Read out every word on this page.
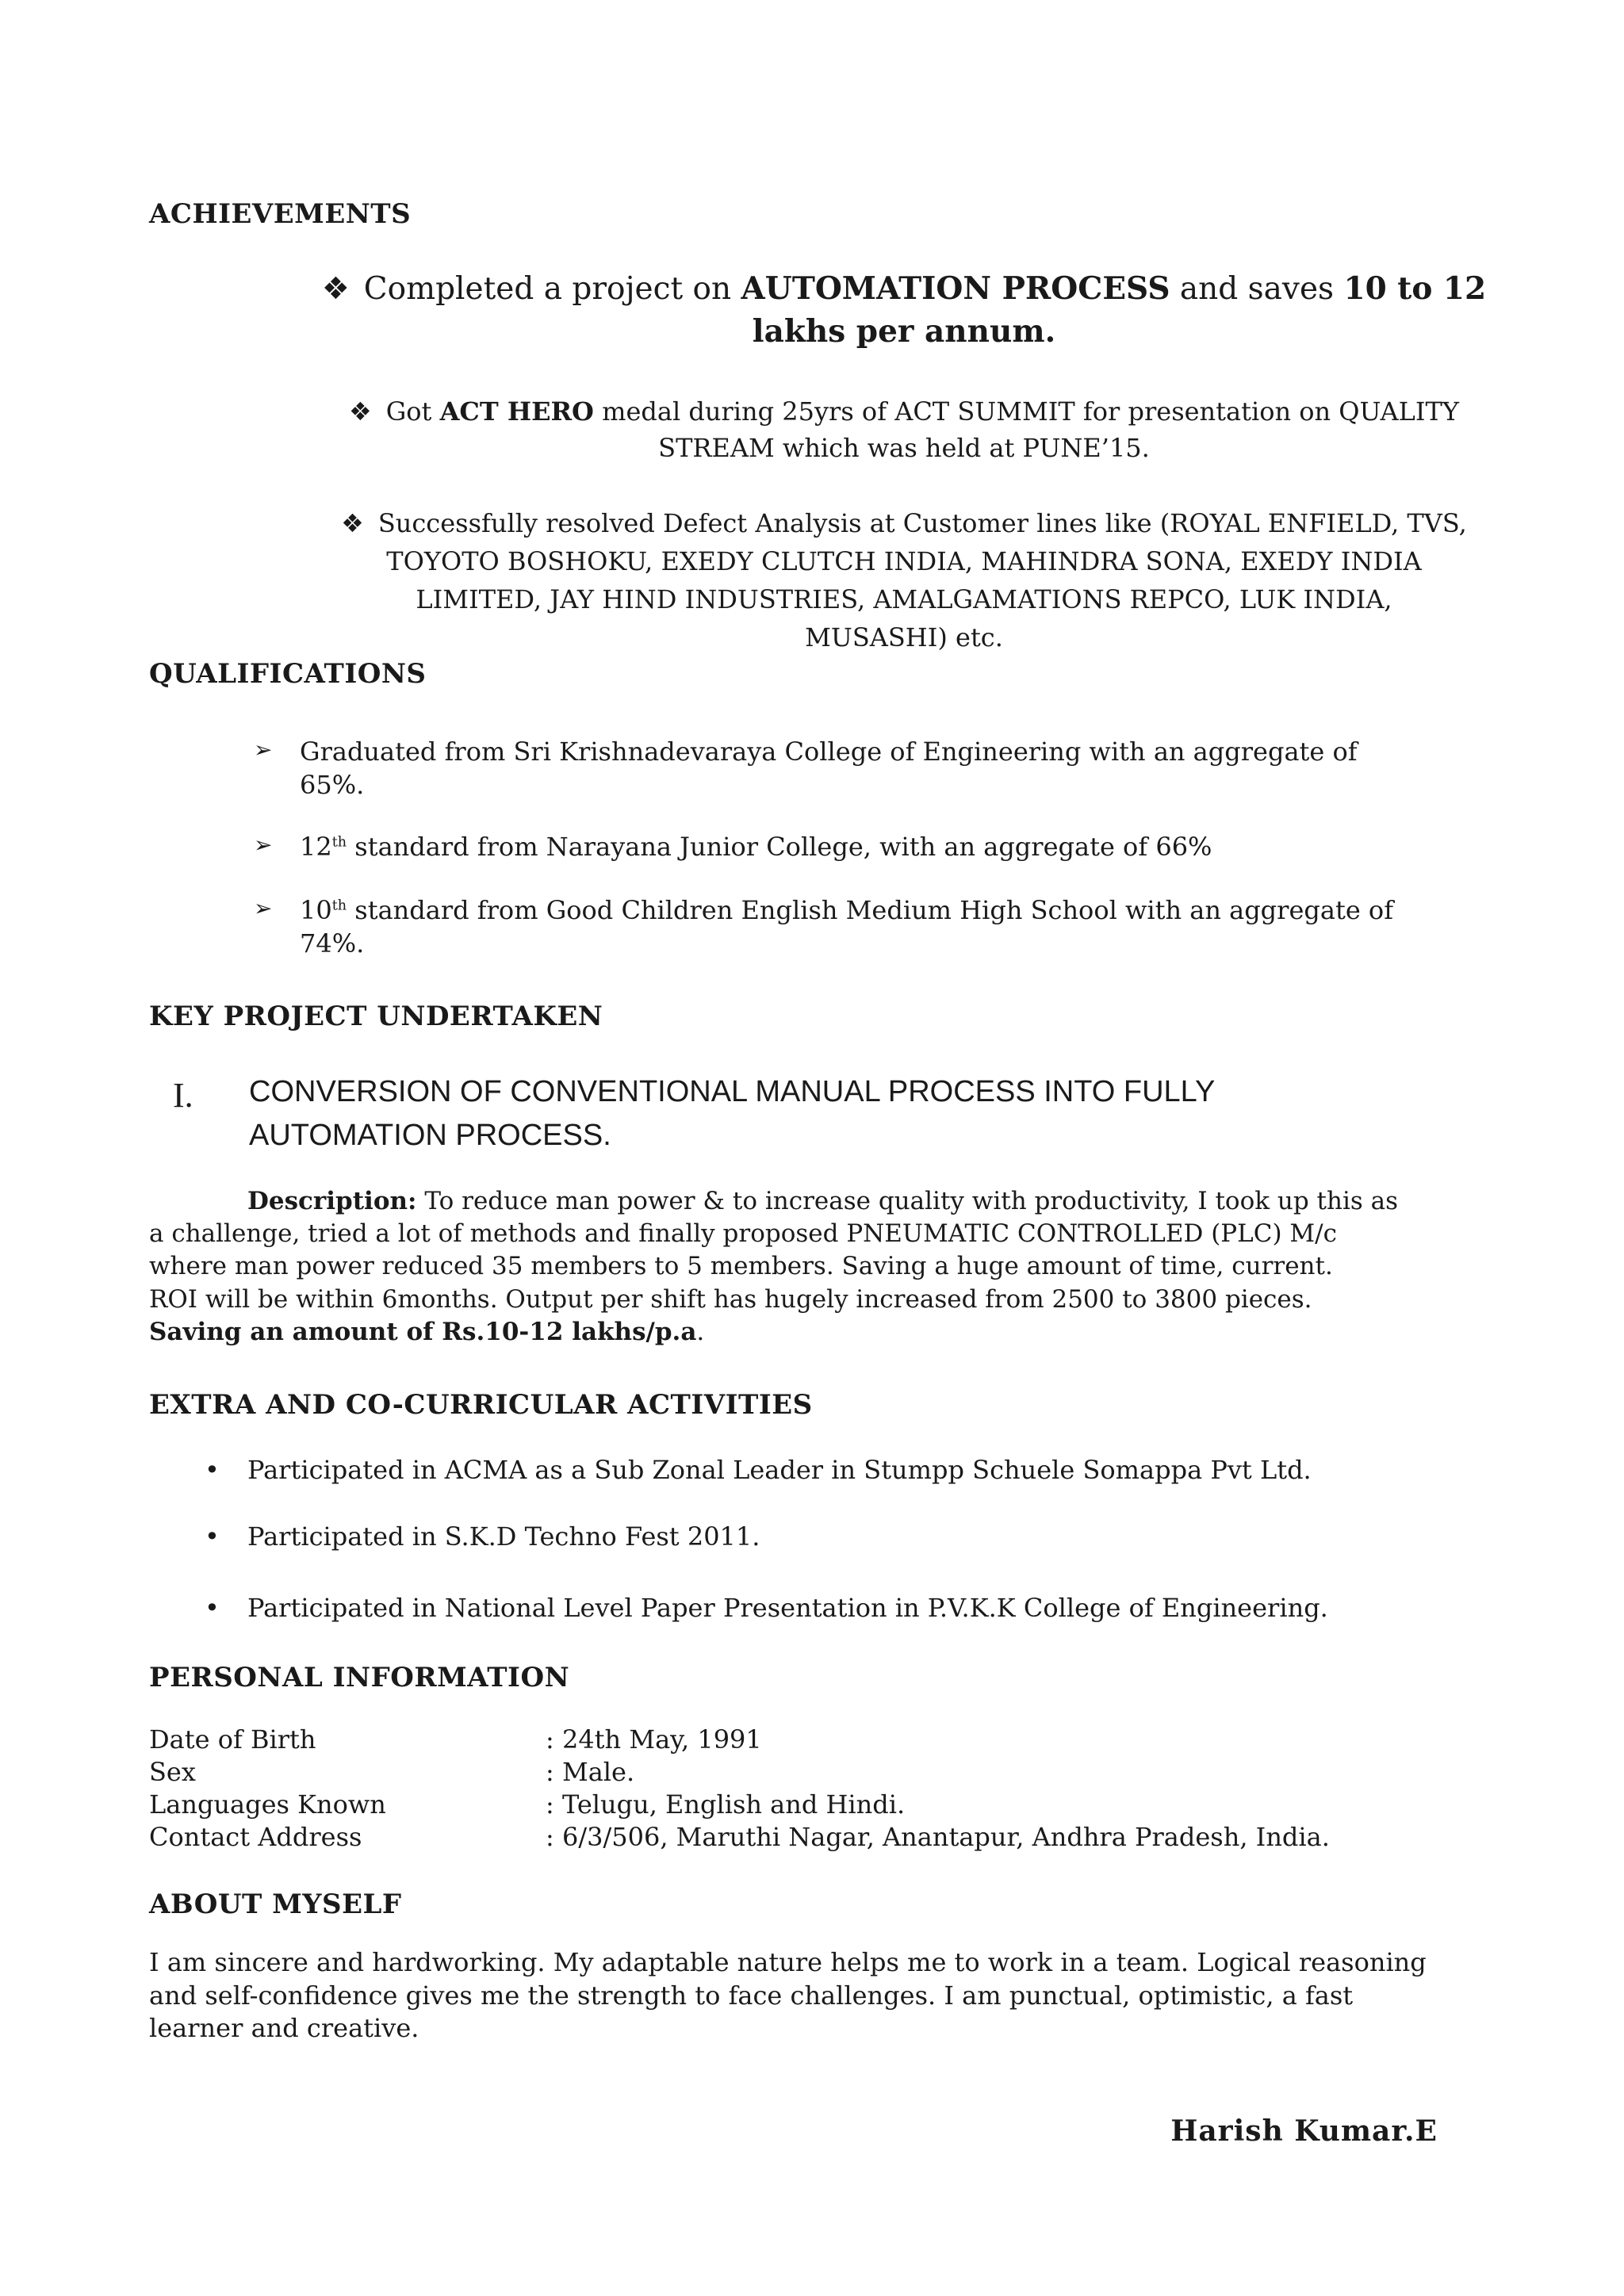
ACHIEVEMENTS
❖ Completed a project on AUTOMATION PROCESS and saves 10 to 12
lakhs per annum.
❖ Got ACT HERO medal during 25yrs of ACT SUMMIT for presentation on QUALITY
STREAM which was held at PUNE’15.
❖ Successfully resolved Defect Analysis at Customer lines like (ROYAL ENFIELD, TVS,
TOYOTO BOSHOKU, EXEDY CLUTCH INDIA, MAHINDRA SONA, EXEDY INDIA
LIMITED, JAY HIND INDUSTRIES, AMALGAMATIONS REPCO, LUK INDIA,
MUSASHI) etc.
QUALIFICATIONS
➢ Graduated from Sri Krishnadevaraya College of Engineering with an aggregate of
65%.
➢ 12th standard from Narayana Junior College, with an aggregate of 66%
➢ 10th standard from Good Children English Medium High School with an aggregate of
74%.
KEY PROJECT UNDERTAKEN
I. CONVERSION OF CONVENTIONAL MANUAL PROCESS INTO FULLY
AUTOMATION PROCESS.
Description: To reduce man power & to increase quality with productivity, I took up this as
a challenge, tried a lot of methods and finally proposed PNEUMATIC CONTROLLED (PLC) M/c
where man power reduced 35 members to 5 members. Saving a huge amount of time, current.
ROI will be within 6months. Output per shift has hugely increased from 2500 to 3800 pieces.
Saving an amount of Rs.10-12 lakhs/p.a.
EXTRA AND CO-CURRICULAR ACTIVITIES
• Participated in ACMA as a Sub Zonal Leader in Stumpp Schuele Somappa Pvt Ltd.
• Participated in S.K.D Techno Fest 2011.
• Participated in National Level Paper Presentation in P.V.K.K College of Engineering.
PERSONAL INFORMATION
Date of Birth	: 24th May, 1991
Sex	: Male.
Languages Known	: Telugu, English and Hindi.
Contact Address	: 6/3/506, Maruthi Nagar, Anantapur, Andhra Pradesh, India.
ABOUT MYSELF
I am sincere and hardworking. My adaptable nature helps me to work in a team. Logical reasoning
and self-confidence gives me the strength to face challenges. I am punctual, optimistic, a fast
learner and creative.
Harish Kumar.E
